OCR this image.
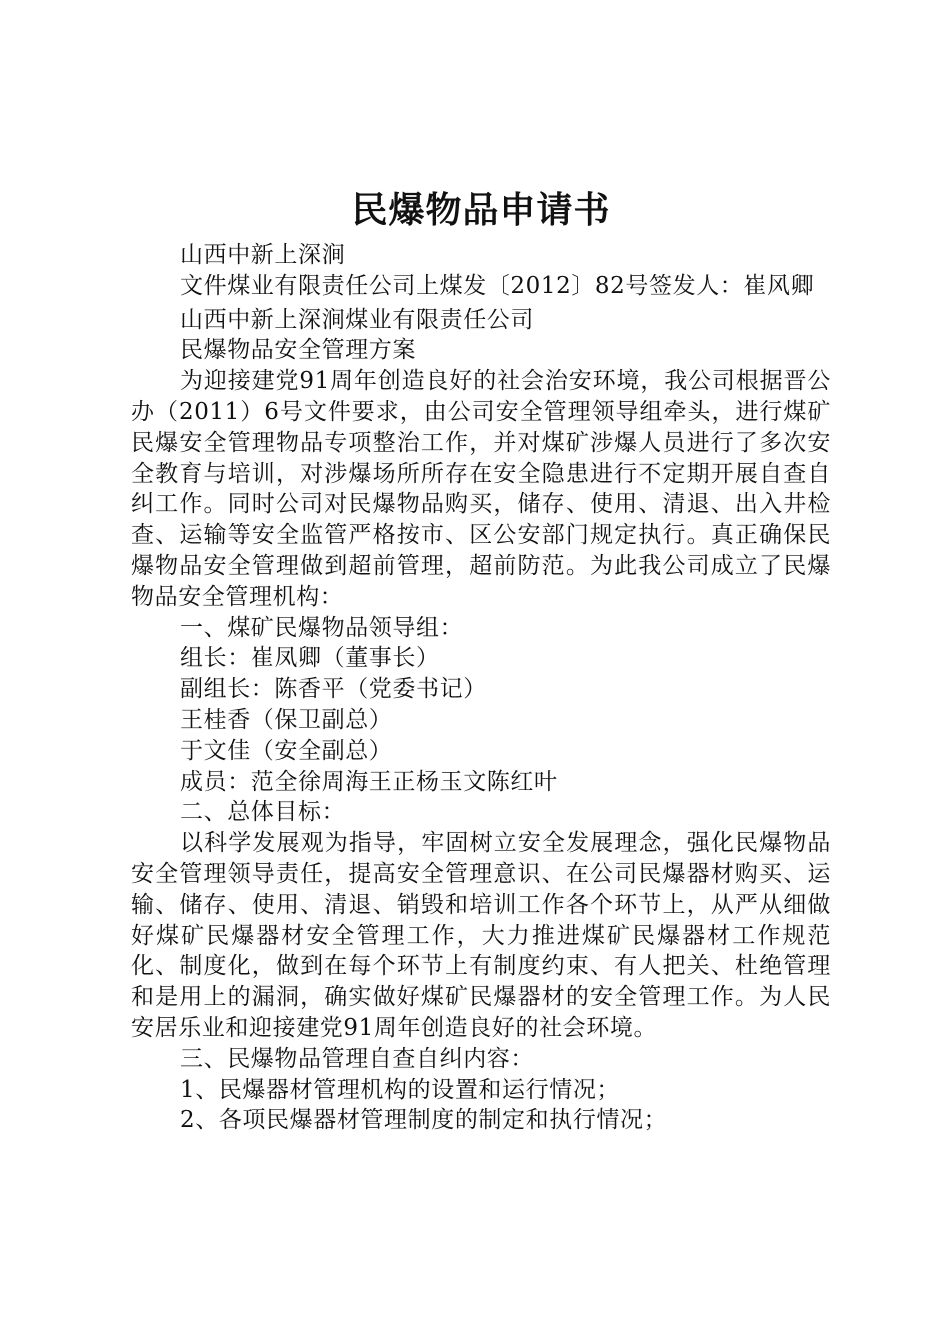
民爆物品申请书

山西中新上深涧

文件煤业有限责任公司上煤发〔2012〕82号签发人：崔风卿

山西中新上深涧煤业有限责任公司

民爆物品安全管理方案

为迎接建党91周年创造良好的社会治安环境，我公司根据晋公办（2011）6号文件要求，由公司安全管理领导组牵头，进行煤矿民爆安全管理物品专项整治工作，并对煤矿涉爆人员进行了多次安全教育与培训，对涉爆场所所存在安全隐患进行不定期开展自查自纠工作。同时公司对民爆物品购买，储存、使用、清退、出入井检查、运输等安全监管严格按市、区公安部门规定执行。真正确保民爆物品安全管理做到超前管理，超前防范。为此我公司成立了民爆物品安全管理机构：

一、煤矿民爆物品领导组：

组长：崔凤卿（董事长）

副组长：陈香平（党委书记）

王桂香（保卫副总）

于文佳（安全副总）

成员：范全徐周海王正杨玉文陈红叶

二、总体目标：

以科学发展观为指导，牢固树立安全发展理念，强化民爆物品安全管理领导责任，提高安全管理意识、在公司民爆器材购买、运输、储存、使用、清退、销毁和培训工作各个环节上，从严从细做好煤矿民爆器材安全管理工作，大力推进煤矿民爆器材工作规范化、制度化，做到在每个环节上有制度约束、有人把关、杜绝管理和是用上的漏洞，确实做好煤矿民爆器材的安全管理工作。为人民安居乐业和迎接建党91周年创造良好的社会环境。

三、民爆物品管理自查自纠内容：

1、民爆器材管理机构的设置和运行情况；

2、各项民爆器材管理制度的制定和执行情况；
